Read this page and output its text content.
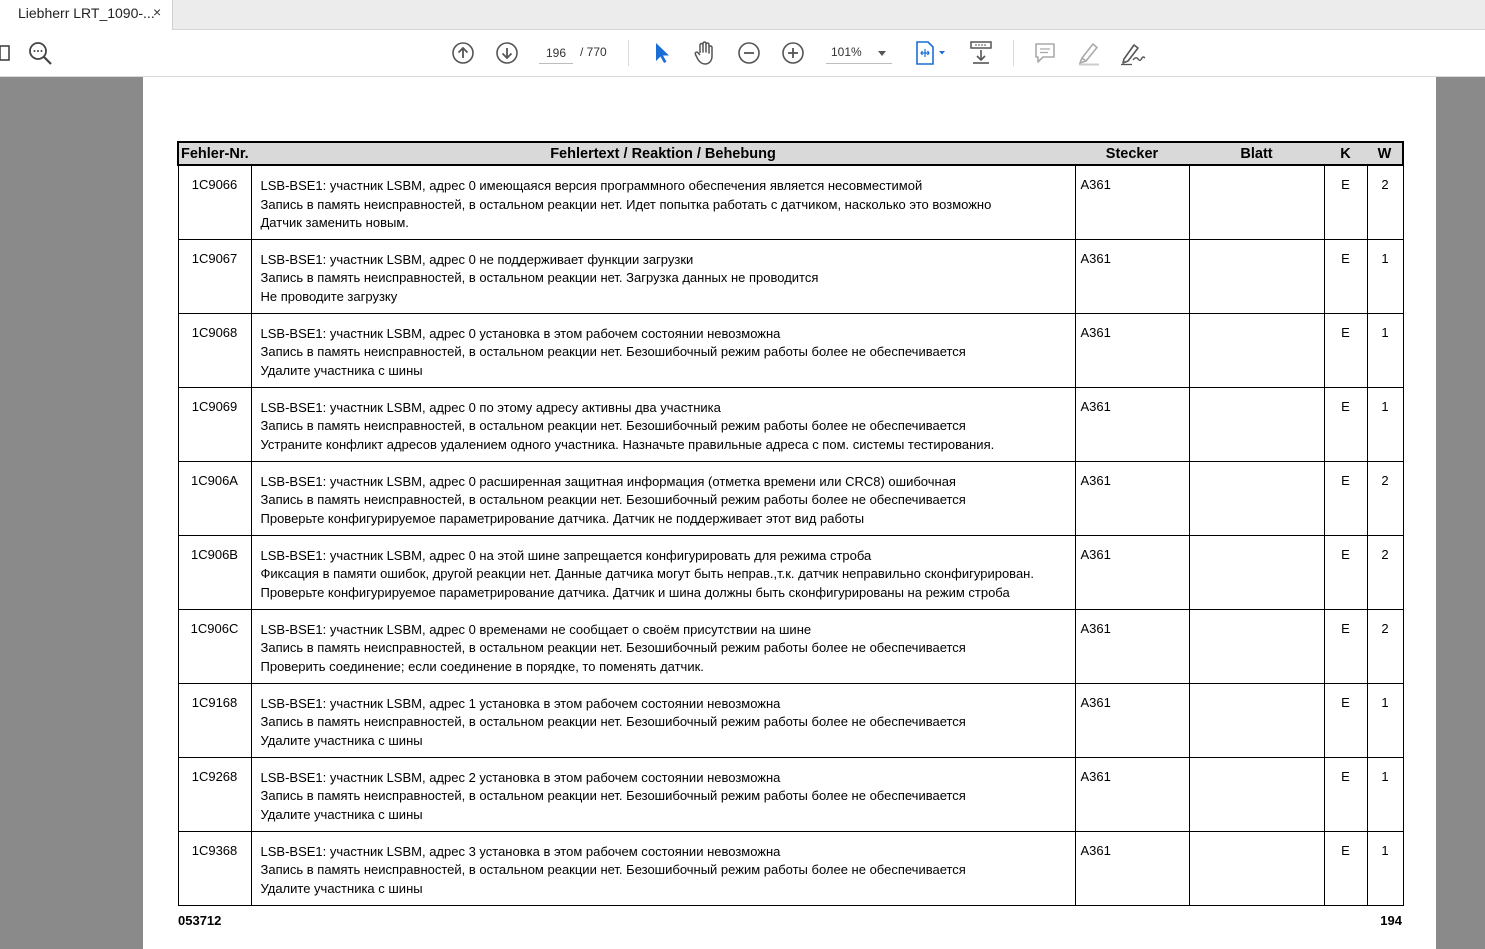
Liebherr LRT_1090-...
×
196
/ 770	101%
Fehler-Nr.	Fehlertext / Reaktion / Behebung	Stecker	Blatt	K	W
1C9066	LSB-BSE1: участник LSBM, адрес 0 имеющаяся версия программного обеспечения является несовместимой
Запись в память неисправностей, в остальном реакции нет. Идет попытка работать с датчиком, насколько это возможно
Датчик заменить новым.	A361		E	2
1C9067	LSB-BSE1: участник LSBM, адрес 0 не поддерживает функции загрузки
Запись в память неисправностей, в остальном реакции нет. Загрузка данных не проводится
Не проводите загрузку	A361		E	1
1C9068	LSB-BSE1: участник LSBM, адрес 0 установка в этом рабочем состоянии невозможна
Запись в память неисправностей, в остальном реакции нет. Безошибочный режим работы более не обеспечивается
Удалите участника с шины	A361		E	1
1C9069	LSB-BSE1: участник LSBM, адрес 0 по этому адресу активны два участника
Запись в память неисправностей, в остальном реакции нет. Безошибочный режим работы более не обеспечивается
Устраните конфликт адресов удалением одного участника. Назначьте правильные адреса с пом. системы тестирования.	A361		E	1
1C906A	LSB-BSE1: участник LSBM, адрес 0 расширенная защитная информация (отметка времени или CRC8) ошибочная
Запись в память неисправностей, в остальном реакции нет. Безошибочный режим работы более не обеспечивается
Проверьте конфигурируемое параметрирование датчика. Датчик не поддерживает этот вид работы	A361		E	2
1C906B	LSB-BSE1: участник LSBM, адрес 0 на этой шине запрещается конфигурировать для режима строба
Фиксация в памяти ошибок, другой реакции нет. Данные датчика могут быть неправ.,т.к. датчик неправильно сконфигурирован.
Проверьте конфигурируемое параметрирование датчика. Датчик и шина должны быть сконфигурированы на режим строба	A361		E	2
1C906C	LSB-BSE1: участник LSBM, адрес 0 временами не сообщает о своём присутствии на шине
Запись в память неисправностей, в остальном реакции нет. Безошибочный режим работы более не обеспечивается
Проверить соединение; если соединение в порядке, то поменять датчик.	A361		E	2
1C9168	LSB-BSE1: участник LSBM, адрес 1 установка в этом рабочем состоянии невозможна
Запись в память неисправностей, в остальном реакции нет. Безошибочный режим работы более не обеспечивается
Удалите участника с шины	A361		E	1
1C9268	LSB-BSE1: участник LSBM, адрес 2 установка в этом рабочем состоянии невозможна
Запись в память неисправностей, в остальном реакции нет. Безошибочный режим работы более не обеспечивается
Удалите участника с шины	A361		E	1
1C9368	LSB-BSE1: участник LSBM, адрес 3 установка в этом рабочем состоянии невозможна
Запись в память неисправностей, в остальном реакции нет. Безошибочный режим работы более не обеспечивается
Удалите участника с шины	A361		E	1
053712	194
